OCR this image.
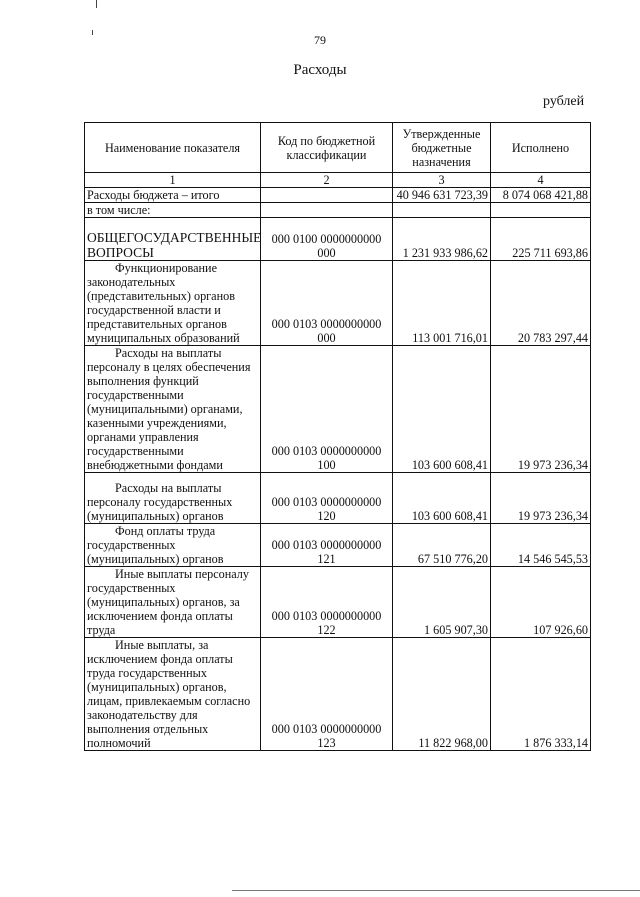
79
Расходы
рублей
Наименование показателя	Код по бюджетной классификации	Утвержденные бюджетные назначения	Исполнено
1	2	3	4
Расходы бюджета – итого		40 946 631 723,39	8 074 068 421,88
в том числе:			
ОБЩЕГОСУДАРСТВЕННЫЕ ВОПРОСЫ	000 0100 0000000000 000	1 231 933 986,62	225 711 693,86
Функционирование законодательных (представительных) органов государственной власти и представительных органов муниципальных образований	000 0103 0000000000 000	113 001 716,01	20 783 297,44
Расходы на выплаты персоналу в целях обеспечения выполнения функций государственными (муниципальными) органами, казенными учреждениями, органами управления государственными внебюджетными фондами	000 0103 0000000000 100	103 600 608,41	19 973 236,34
Расходы на выплаты персоналу государственных (муниципальных) органов	000 0103 0000000000 120	103 600 608,41	19 973 236,34
Фонд оплаты труда государственных (муниципальных) органов	000 0103 0000000000 121	67 510 776,20	14 546 545,53
Иные выплаты персоналу государственных (муниципальных) органов, за исключением фонда оплаты труда	000 0103 0000000000 122	1 605 907,30	107 926,60
Иные выплаты, за исключением фонда оплаты труда государственных (муниципальных) органов, лицам, привлекаемым согласно законодательству для выполнения отдельных полномочий	000 0103 0000000000 123	11 822 968,00	1 876 333,14
